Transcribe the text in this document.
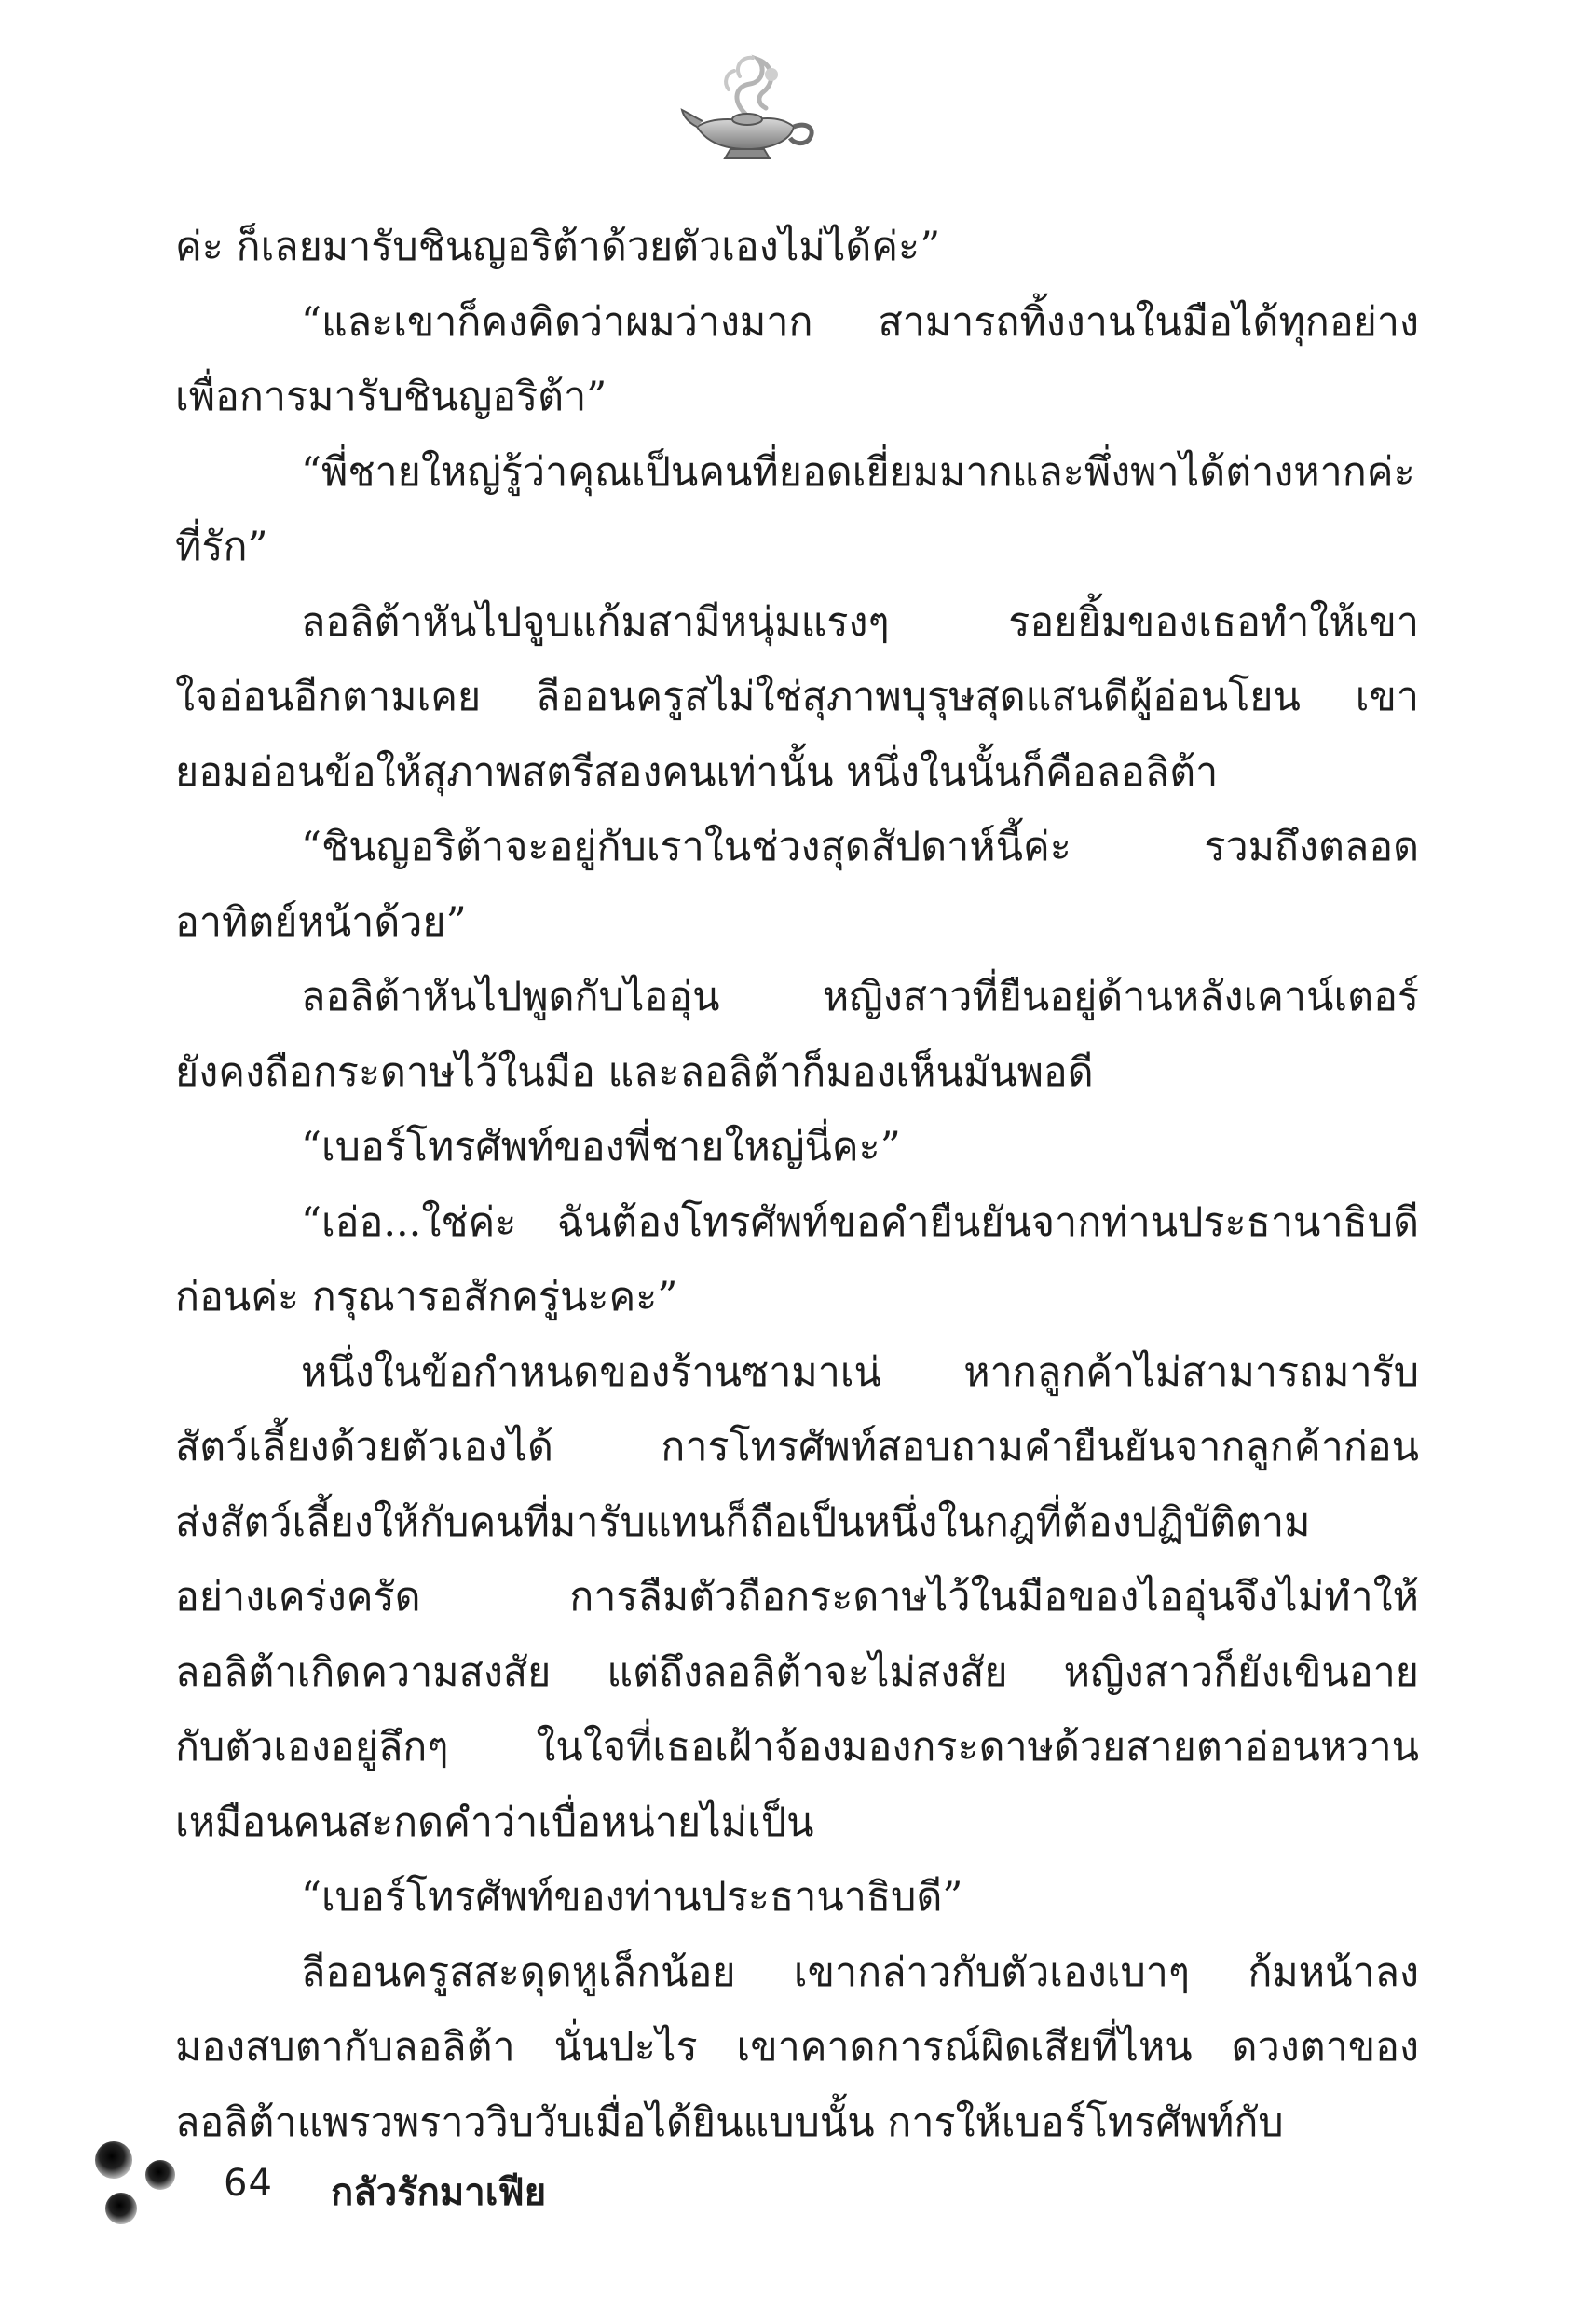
ค่ะ ก็เลยมารับชินญอริต้าด้วยตัวเองไม่ได้ค่ะ”
“และเขาก็คงคิดว่าผมว่างมาก สามารถทิ้งงานในมือได้ทุกอย่าง
เพื่อการมารับชินญอริต้า”
“พี่ชายใหญ่รู้ว่าคุณเป็นคนที่ยอดเยี่ยมมากและพึ่งพาได้ต่างหากค่ะ
ที่รัก”
ลอลิต้าหันไปจูบแก้มสามีหนุ่มแรงๆ รอยยิ้มของเธอทำให้เขา
ใจอ่อนอีกตามเคย ลีออนครูสไม่ใช่สุภาพบุรุษสุดแสนดีผู้อ่อนโยน เขา
ยอมอ่อนข้อให้สุภาพสตรีสองคนเท่านั้น หนึ่งในนั้นก็คือลอลิต้า
“ชินญอริต้าจะอยู่กับเราในช่วงสุดสัปดาห์นี้ค่ะ รวมถึงตลอด
อาทิตย์หน้าด้วย”
ลอลิต้าหันไปพูดกับไออุ่น หญิงสาวที่ยืนอยู่ด้านหลังเคาน์เตอร์
ยังคงถือกระดาษไว้ในมือ และลอลิต้าก็มองเห็นมันพอดี
“เบอร์โทรศัพท์ของพี่ชายใหญ่นี่คะ”
“เอ่อ...ใช่ค่ะ ฉันต้องโทรศัพท์ขอคำยืนยันจากท่านประธานาธิบดี
ก่อนค่ะ กรุณารอสักครู่นะคะ”
หนึ่งในข้อกำหนดของร้านซามาเน่ หากลูกค้าไม่สามารถมารับ
สัตว์เลี้ยงด้วยตัวเองได้ การโทรศัพท์สอบถามคำยืนยันจากลูกค้าก่อน
ส่งสัตว์เลี้ยงให้กับคนที่มารับแทนก็ถือเป็นหนึ่งในกฎที่ต้องปฏิบัติตาม
อย่างเคร่งครัด การลืมตัวถือกระดาษไว้ในมือของไออุ่นจึงไม่ทำให้
ลอลิต้าเกิดความสงสัย แต่ถึงลอลิต้าจะไม่สงสัย หญิงสาวก็ยังเขินอาย
กับตัวเองอยู่ลึกๆ ในใจที่เธอเฝ้าจ้องมองกระดาษด้วยสายตาอ่อนหวาน
เหมือนคนสะกดคำว่าเบื่อหน่ายไม่เป็น
“เบอร์โทรศัพท์ของท่านประธานาธิบดี”
ลีออนครูสสะดุดหูเล็กน้อย เขากล่าวกับตัวเองเบาๆ ก้มหน้าลง
มองสบตากับลอลิต้า นั่นปะไร เขาคาดการณ์ผิดเสียที่ไหน ดวงตาของ
ลอลิต้าแพรวพราววิบวับเมื่อได้ยินแบบนั้น การให้เบอร์โทรศัพท์กับ
64 กลัวรักมาเฟีย
